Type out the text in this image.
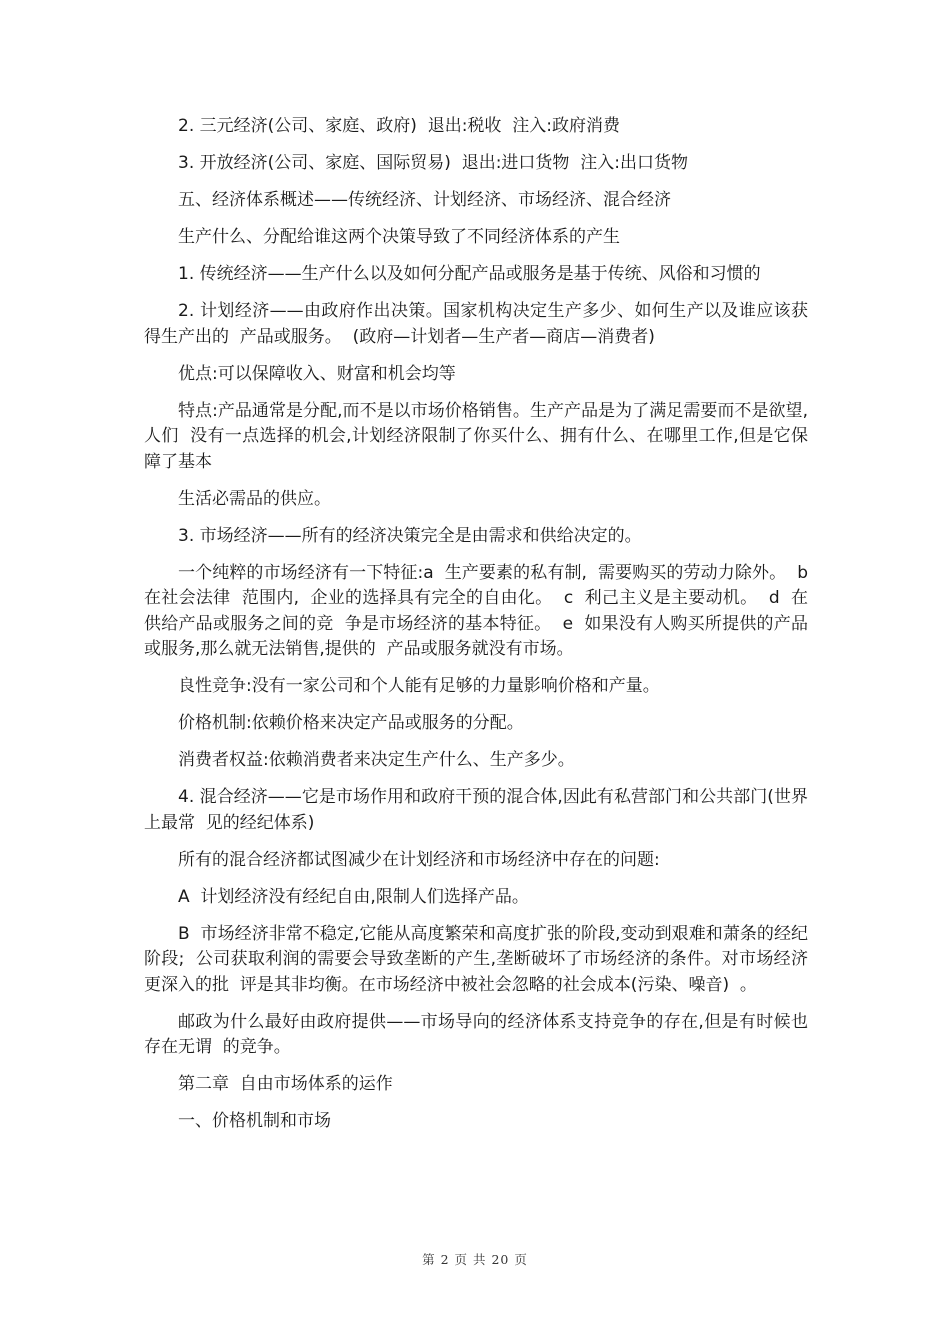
2. 三元经济(公司、家庭、政府)  退出:税收  注入:政府消费

3. 开放经济(公司、家庭、国际贸易)  退出:进口货物  注入:出口货物

五、经济体系概述——传统经济、计划经济、市场经济、混合经济

生产什么、分配给谁这两个决策导致了不同经济体系的产生

1. 传统经济——生产什么以及如何分配产品或服务是基于传统、风俗和习惯的

2. 计划经济——由政府作出决策。国家机构决定生产多少、如何生产以及谁应该获得生产出的  产品或服务。  (政府—计划者—生产者—商店—消费者)

优点:可以保障收入、财富和机会均等

特点:产品通常是分配,而不是以市场价格销售。生产产品是为了满足需要而不是欲望,人们  没有一点选择的机会,计划经济限制了你买什么、拥有什么、在哪里工作,但是它保障了基本

生活必需品的供应。

3. 市场经济——所有的经济决策完全是由需求和供给决定的。

一个纯粹的市场经济有一下特征:a  生产要素的私有制,  需要购买的劳动力除外。  b  在社会法律  范围内,  企业的选择具有完全的自由化。  c  利己主义是主要动机。  d  在供给产品或服务之间的竞  争是市场经济的基本特征。  e  如果没有人购买所提供的产品或服务,那么就无法销售,提供的  产品或服务就没有市场。

良性竞争:没有一家公司和个人能有足够的力量影响价格和产量。

价格机制:依赖价格来决定产品或服务的分配。

消费者权益:依赖消费者来决定生产什么、生产多少。

4. 混合经济——它是市场作用和政府干预的混合体,因此有私营部门和公共部门(世界上最常  见的经纪体系)

所有的混合经济都试图减少在计划经济和市场经济中存在的问题:

A  计划经济没有经纪自由,限制人们选择产品。

B  市场经济非常不稳定,它能从高度繁荣和高度扩张的阶段,变动到艰难和萧条的经纪阶段;  公司获取利润的需要会导致垄断的产生,垄断破坏了市场经济的条件。对市场经济更深入的批  评是其非均衡。在市场经济中被社会忽略的社会成本(污染、噪音)  。

邮政为什么最好由政府提供——市场导向的经济体系支持竞争的存在,但是有时候也存在无谓  的竞争。

第二章  自由市场体系的运作

一、价格机制和市场

第 2 页 共 20 页
